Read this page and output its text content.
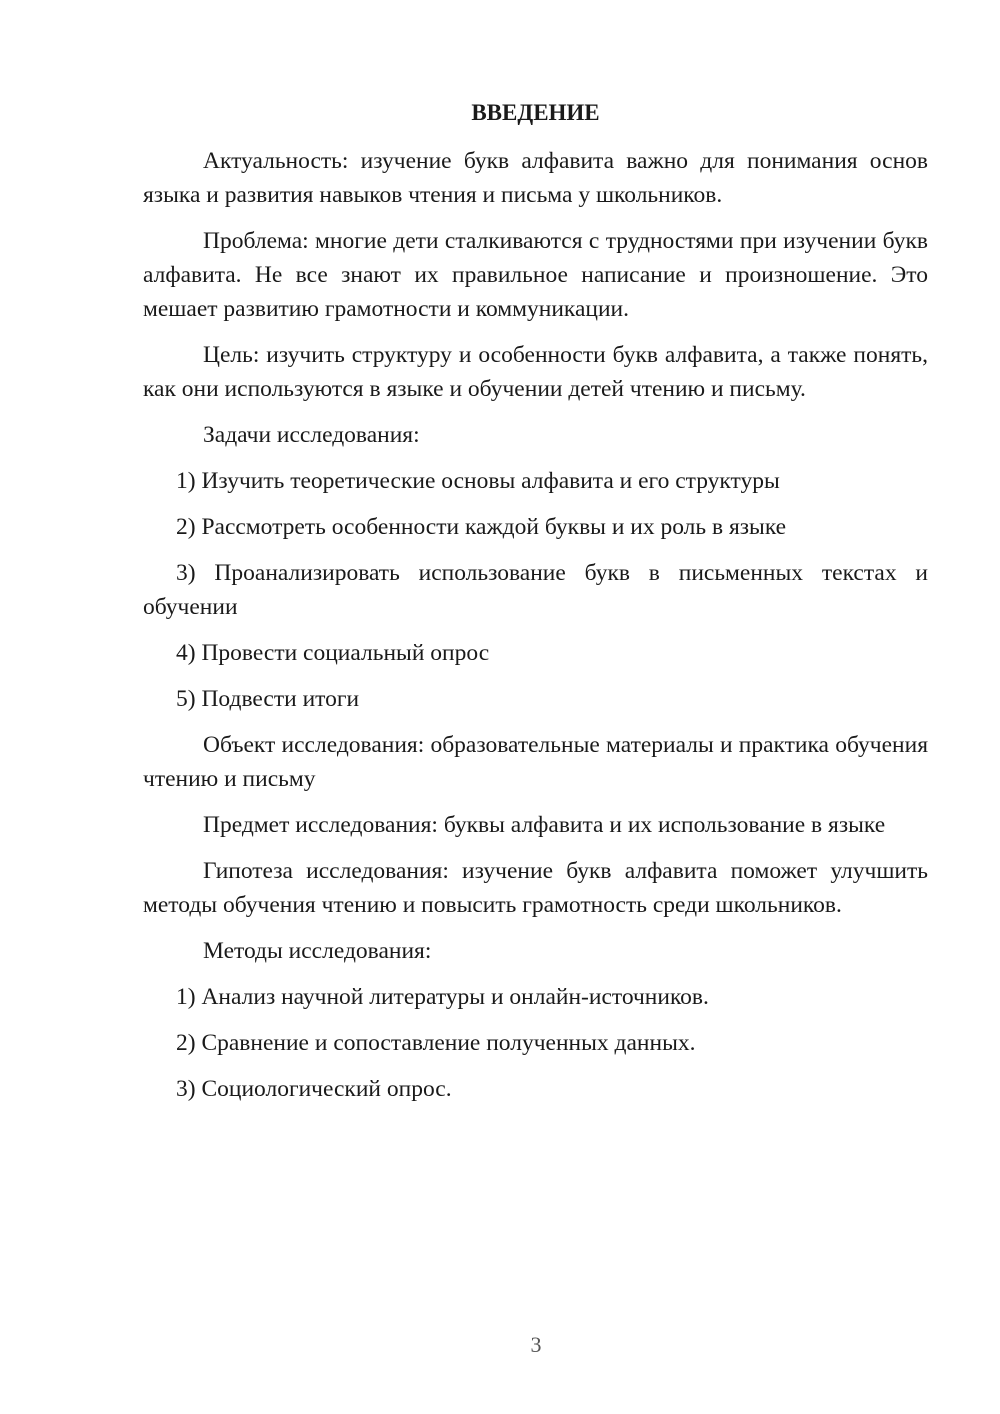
ВВЕДЕНИЕ

Актуальность: изучение букв алфавита важно для понимания основ языка и развития навыков чтения и письма у школьников.

Проблема: многие дети сталкиваются с трудностями при изучении букв алфавита. Не все знают их правильное написание и произношение. Это мешает развитию грамотности и коммуникации.

Цель: изучить структуру и особенности букв алфавита, а также понять, как они используются в языке и обучении детей чтению и письму.

Задачи исследования:

1) Изучить теоретические основы алфавита и его структуры

2) Рассмотреть особенности каждой буквы и их роль в языке

3) Проанализировать использование букв в письменных текстах и обучении

4) Провести социальный опрос

5) Подвести итоги

Объект исследования: образовательные материалы и практика обучения чтению и письму

Предмет исследования: буквы алфавита и их использование в языке

Гипотеза исследования: изучение букв алфавита поможет улучшить методы обучения чтению и повысить грамотность среди школьников.

Методы исследования:

1) Анализ научной литературы и онлайн-источников.

2) Сравнение и сопоставление полученных данных.

3) Социологический опрос.

3
